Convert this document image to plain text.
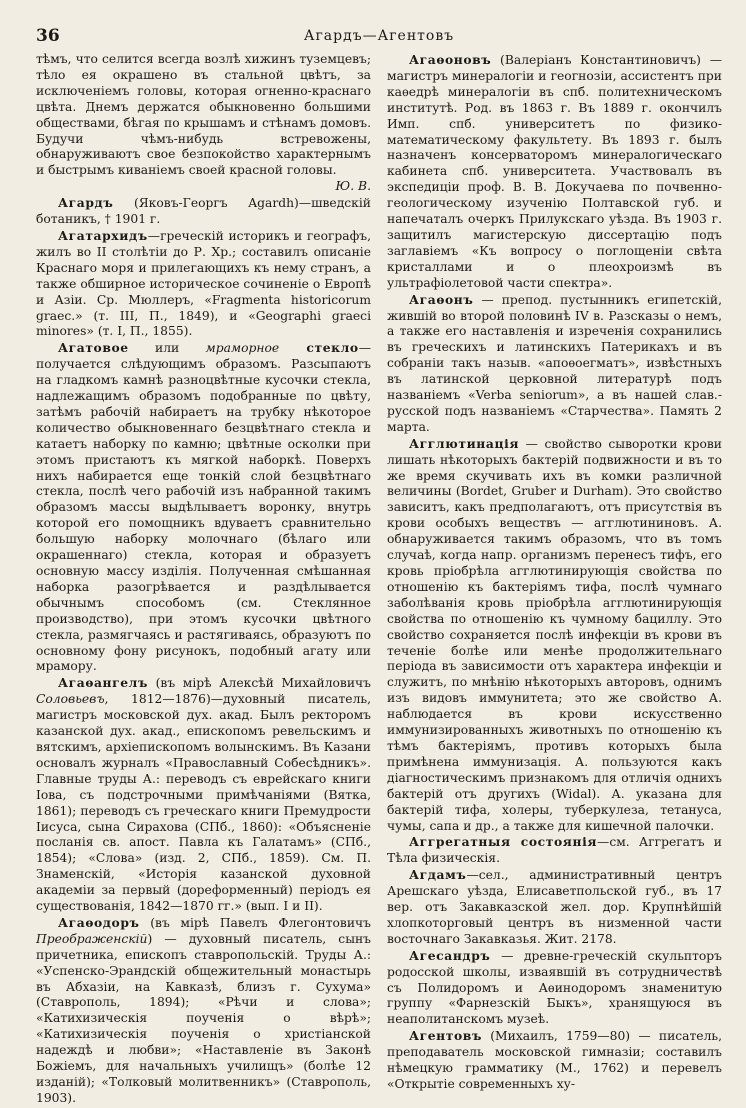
36	Агардъ—Агентовъ

тѣмъ, что селится всегда возлѣ хижинъ туземцевъ; тѣло ея окрашено въ стальной цвѣтъ, за исключеніемъ головы, которая огненно-краснаго цвѣта. Днемъ держатся обыкновенно большими обществами, бѣгая по крышамъ и стѣнамъ домовъ. Будучи чѣмъ-нибудь встревожены, обнаруживаютъ свое безпокойство характернымъ и быстрымъ киваніемъ своей красной головы.
Ю. В.

Агардъ (Яковъ-Георгъ Agardh)—шведскій ботаникъ, † 1901 г.

Агатархидъ—греческій историкъ и географъ, жилъ во II столѣтіи до Р. Хр.; составилъ описаніе Краснаго моря и прилегающихъ къ нему странъ, а также обширное историческое сочиненіе о Европѣ и Азіи. Ср. Мюллеръ, «Fragmenta historicorum graec.» (т. III, П., 1849), и «Geographi graeci minores» (т. I, П., 1855).

Агатовое или мраморное стекло—получается слѣдующимъ образомъ. Разсыпаютъ на гладкомъ камнѣ разноцвѣтные кусочки стекла, надлежащимъ образомъ подобранные по цвѣту, затѣмъ рабочій набираетъ на трубку нѣкоторое количество обыкновеннаго безцвѣтнаго стекла и катаетъ наборку по камню; цвѣтные осколки при этомъ пристаютъ къ мягкой наборкѣ. Поверхъ нихъ набирается еще тонкій слой безцвѣтнаго стекла, послѣ чего рабочій изъ набранной такимъ образомъ массы выдѣлываетъ воронку, внутрь которой его помощникъ вдуваетъ сравнительно большую наборку молочнаго (бѣлаго или окрашеннаго) стекла, которая и образуетъ основную массу изділія. Полученная смѣшанная наборка разогрѣвается и раздѣлывается обычнымъ способомъ (см. Стеклянное производство), при этомъ кусочки цвѣтного стекла, размягчаясь и растягиваясь, образуютъ по основному фону рисунокъ, подобный агату или мрамору.

Агаѳангелъ (въ мірѣ Алексѣй Михайловичъ Соловьевъ, 1812—1876)—духовный писатель, магистръ московской дух. акад. Былъ ректоромъ казанской дух. акад., епископомъ ревельскимъ и вятскимъ, архіепископомъ волынскимъ. Въ Казани основалъ журналъ «Православный Собесѣдникъ». Главные труды А.: переводъ съ еврейскаго книги Іова, съ подстрочными примѣчаніями (Вятка, 1861); переводъ съ греческаго книги Премудрости Іисуса, сына Сирахова (СПб., 1860): «Объясненіе посланія св. апост. Павла къ Галатамъ» (СПб., 1854); «Слова» (изд. 2, СПб., 1859). См. П. Знаменскій, «Исторія казанской духовной академіи за первый (дореформенный) періодъ ея существованія, 1842—1870 гг.» (вып. I и II).

Агаѳодоръ (въ мірѣ Павелъ Флегонтовичъ Преображенскій) — духовный писатель, сынъ причетника, епископъ ставропольскій. Труды А.: «Успенско-Эрандскій общежительный монастырь въ Абхазіи, на Кавказѣ, близъ г. Сухума» (Ставрополь, 1894); «Рѣчи и слова»; «Катихизическія поученія о вѣрѣ»; «Катихизическія поученія о христіанской надеждѣ и любви»; «Наставленіе въ Законѣ Божіемъ, для начальныхъ училищъ» (болѣе 12 изданій); «Толковый молитвенникъ» (Ставрополь, 1903).

Агаѳоновъ (Валеріанъ Константиновичъ) — магистръ минералогіи и геогнозіи, ассистентъ при каѳедрѣ минералогіи въ спб. политехническомъ институтѣ. Род. въ 1863 г. Въ 1889 г. окончилъ Имп. спб. университетъ по физико-математическому факультету. Въ 1893 г. былъ назначенъ консерваторомъ минералогическаго кабинета спб. университета. Участвовалъ въ экспедиціи проф. В. В. Докучаева по почвенно-геологическому изученію Полтавской губ. и напечаталъ очеркъ Прилукскаго уѣзда. Въ 1903 г. защитилъ магистерскую диссертацію подъ заглавіемъ «Къ вопросу о поглощеніи свѣта кристаллами и о плеохроизмѣ въ ультрафіолетовой части спектра».

Агаѳонъ — препод. пустынникъ египетскій, жившій во второй половинѣ IV в. Разсказы о немъ, а также его наставленія и изреченія сохранились въ греческихъ и латинскихъ Патерикахъ и въ собраніи такъ назыв. «апоѳоегматъ», извѣстныхъ въ латинской церковной литературѣ подъ названіемъ «Verba seniorum», а въ нашей слав.-русской подъ названіемъ «Старчества». Память 2 марта.

Агглютинація — свойство сыворотки крови лишать нѣкоторыхъ бактерій подвижности и въ то же время скучивать ихъ въ комки различной величины (Bordet, Gruber и Durham). Это свойство зависитъ, какъ предполагаютъ, отъ присутствія въ крови особыхъ веществъ — агглютининовъ. А. обнаруживается такимъ образомъ, что въ томъ случаѣ, когда напр. организмъ перенесъ тифъ, его кровь пріобрѣла агглютинирующія свойства по отношенію къ бактеріямъ тифа, послѣ чумнаго заболѣванія кровь пріобрѣла агглютинирующія свойства по отношенію къ чумному бациллу. Это свойство сохраняется послѣ инфекціи въ крови въ теченіе болѣе или менѣе продолжительнаго періода въ зависимости отъ характера инфекціи и служитъ, по мнѣнію нѣкоторыхъ авторовъ, однимъ изъ видовъ иммунитета; это же свойство А. наблюдается въ крови искусственно иммунизированныхъ животныхъ по отношенію къ тѣмъ бактеріямъ, противъ которыхъ была примѣнена иммунизація. А. пользуются какъ діагностическимъ признакомъ для отличія однихъ бактерій отъ другихъ (Widal). А. указана для бактерій тифа, холеры, туберкулеза, тетануса, чумы, сапа и др., а также для кишечной палочки.

Аггрегатныя состоянія—см. Аггрегатъ и Тѣла физическія.

Агдамъ—сел., административный центръ Арешскаго уѣзда, Елисаветпольской губ., въ 17 вер. отъ Закавказской жел. дор. Крупнѣйшій хлопкоторговый центръ въ низменной части восточнаго Закавказья. Жит. 2178.

Агесандръ — древне-греческій скульпторъ родосской школы, изваявшій въ сотрудничествѣ съ Полидоромъ и Аѳинодоромъ знаменитую группу «Фарнезскій Быкъ», хранящуюся въ неаполитанскомъ музеѣ.

Агентовъ (Михаилъ, 1759—80) — писатель, преподаватель московской гимназіи; составилъ нѣмецкую грамматику (М., 1762) и перевелъ «Открытіе современныхъ ху-
